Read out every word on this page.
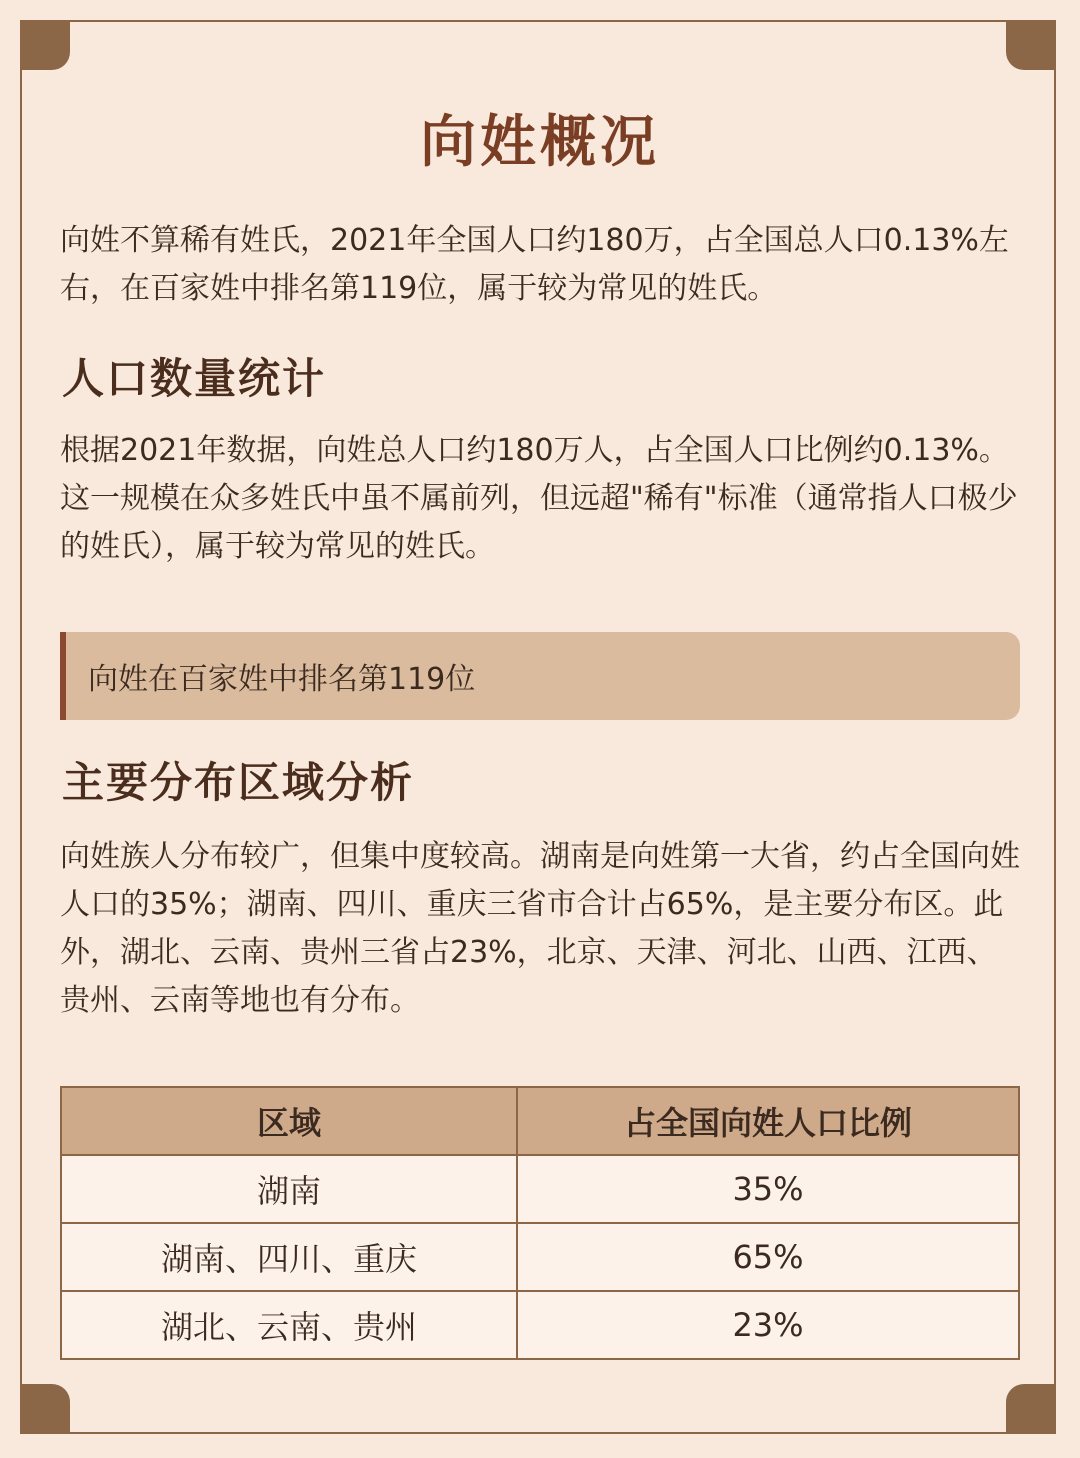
向姓概况

向姓不算稀有姓氏，2021年全国人口约180万，占全国总人口0.13%左右，在百家姓中排名第119位，属于较为常见的姓氏。

人口数量统计

根据2021年数据，向姓总人口约180万人，占全国人口比例约0.13%。这一规模在众多姓氏中虽不属前列，但远超"稀有"标准（通常指人口极少的姓氏），属于较为常见的姓氏。

向姓在百家姓中排名第119位
主要分布区域分析

向姓族人分布较广，但集中度较高。湖南是向姓第一大省，约占全国向姓人口的35%；湖南、四川、重庆三省市合计占65%，是主要分布区。此外，湖北、云南、贵州三省占23%，北京、天津、河北、山西、江西、贵州、云南等地也有分布。

区域	占全国向姓人口比例
湖南	35%
湖南、四川、重庆	65%
湖北、云南、贵州	23%
